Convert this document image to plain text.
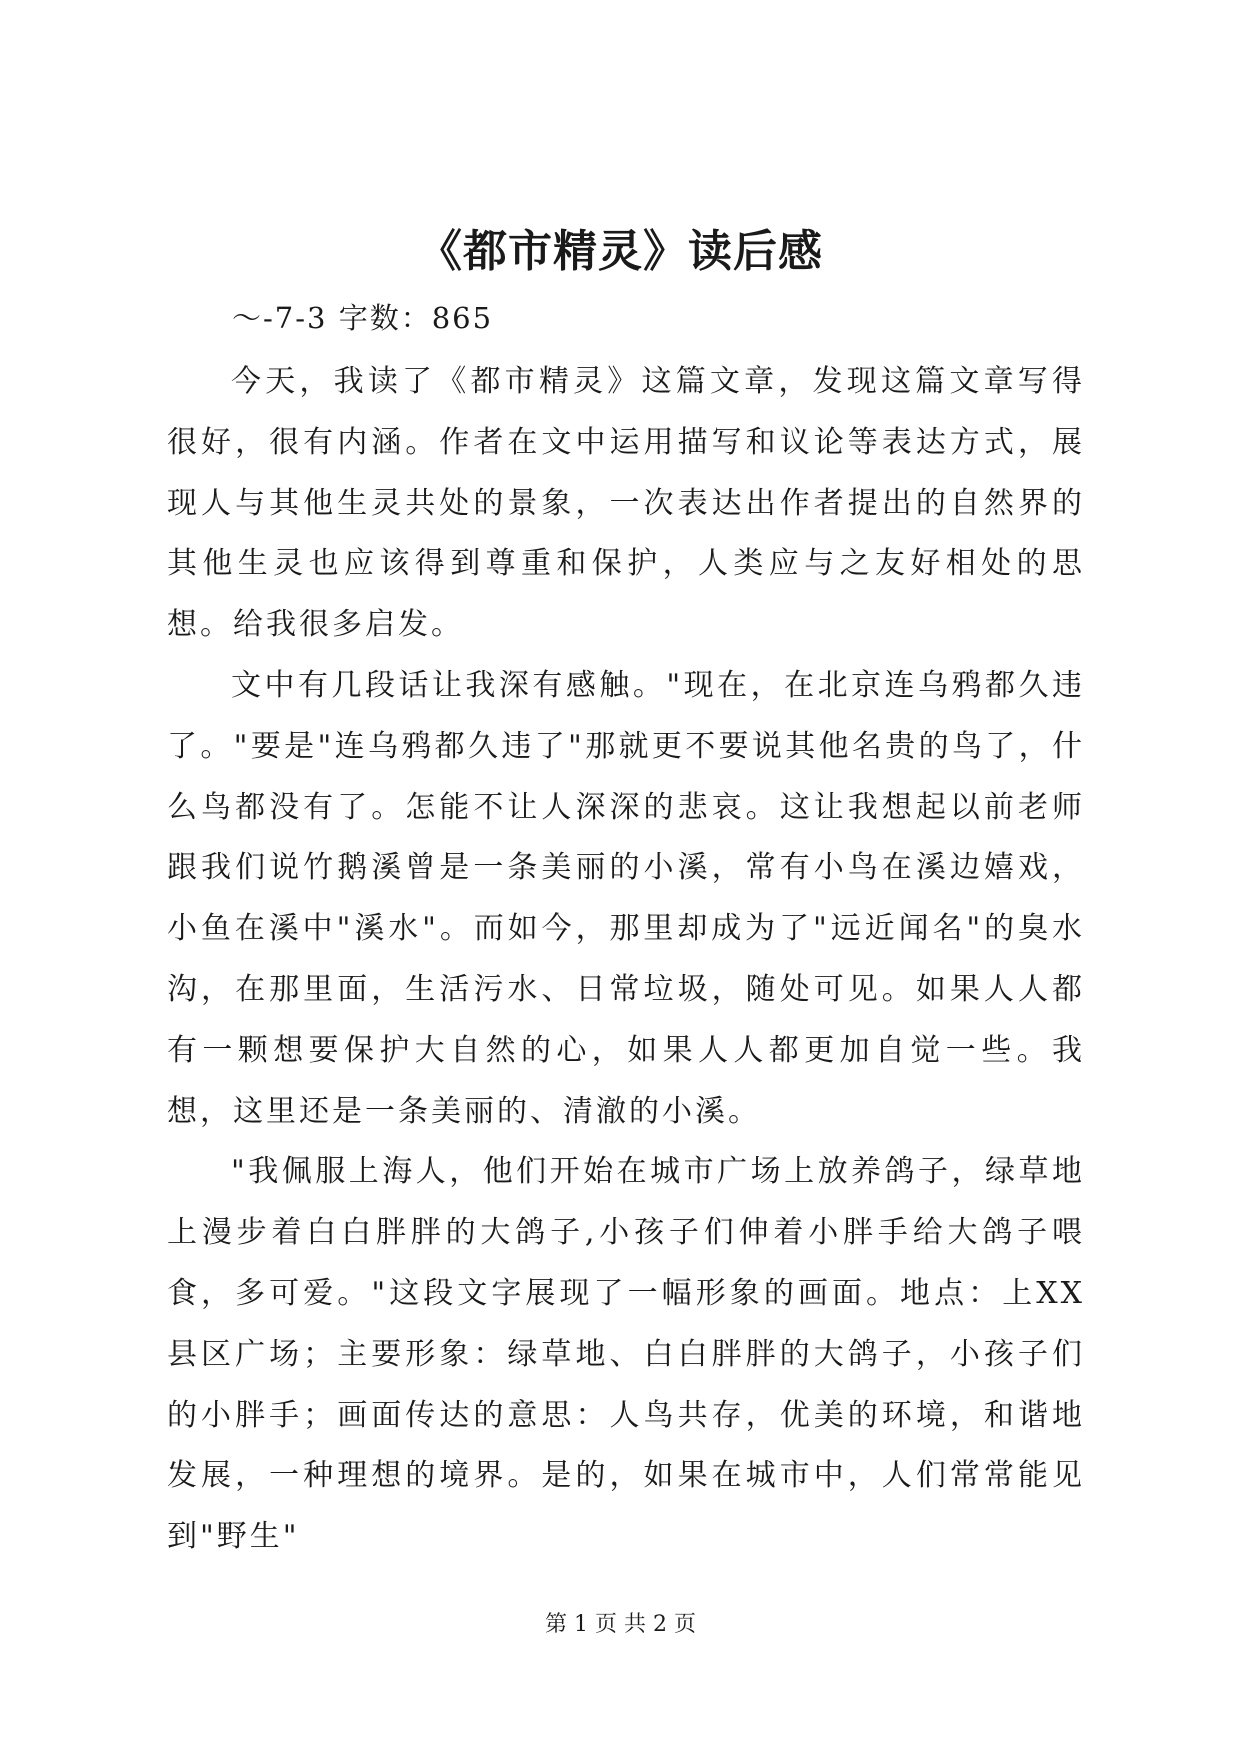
《都市精灵》读后感
～-7-3 字数：865

今天，我读了《都市精灵》这篇文章，发现这篇文章写得很好，很有内涵。作者在文中运用描写和议论等表达方式，展现人与其他生灵共处的景象，一次表达出作者提出的自然界的其他生灵也应该得到尊重和保护，人类应与之友好相处的思想。给我很多启发。

文中有几段话让我深有感触。"现在，在北京连乌鸦都久违了。"要是"连乌鸦都久违了"那就更不要说其他名贵的鸟了，什么鸟都没有了。怎能不让人深深的悲哀。这让我想起以前老师跟我们说竹鹅溪曾是一条美丽的小溪，常有小鸟在溪边嬉戏，小鱼在溪中"溪水"。而如今，那里却成为了"远近闻名"的臭水沟，在那里面，生活污水、日常垃圾，随处可见。如果人人都有一颗想要保护大自然的心，如果人人都更加自觉一些。我想，这里还是一条美丽的、清澈的小溪。

"我佩服上海人，他们开始在城市广场上放养鸽子，绿草地上漫步着白白胖胖的大鸽子,小孩子们伸着小胖手给大鸽子喂食，多可爱。"这段文字展现了一幅形象的画面。地点：上XX县区广场；主要形象：绿草地、白白胖胖的大鸽子，小孩子们的小胖手；画面传达的意思：人鸟共存，优美的环境，和谐地发展，一种理想的境界。是的，如果在城市中，人们常常能见到"野生"

第 1 页 共 2 页
